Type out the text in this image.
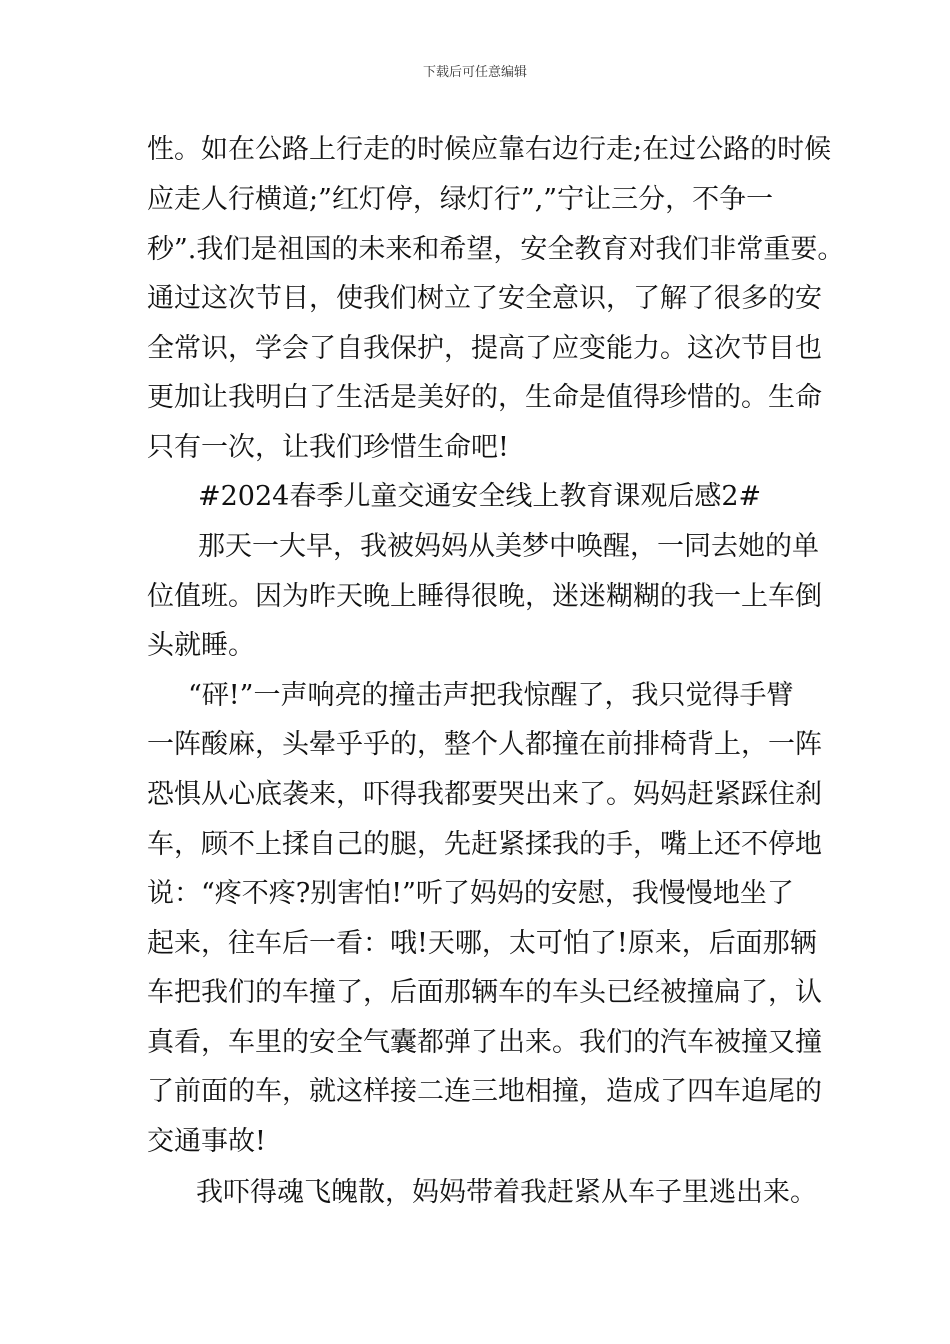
下载后可任意编辑
性。如在公路上行走的时候应靠右边行走;在过公路的时候
应走人行横道;”红灯停，绿灯行”,”宁让三分，不争一
秒”.我们是祖国的未来和希望，安全教育对我们非常重要。
通过这次节目，使我们树立了安全意识，了解了很多的安
全常识，学会了自我保护，提高了应变能力。这次节目也
更加让我明白了生活是美好的，生命是值得珍惜的。生命
只有一次，让我们珍惜生命吧!
#2024春季儿童交通安全线上教育课观后感2#
那天一大早，我被妈妈从美梦中唤醒，一同去她的单
位值班。因为昨天晚上睡得很晚，迷迷糊糊的我一上车倒
头就睡。
“砰!”一声响亮的撞击声把我惊醒了，我只觉得手臂
一阵酸麻，头晕乎乎的，整个人都撞在前排椅背上，一阵
恐惧从心底袭来，吓得我都要哭出来了。妈妈赶紧踩住刹
车，顾不上揉自己的腿，先赶紧揉我的手，嘴上还不停地
说：“疼不疼?别害怕!”听了妈妈的安慰，我慢慢地坐了
起来，往车后一看：哦!天哪，太可怕了!原来，后面那辆
车把我们的车撞了，后面那辆车的车头已经被撞扁了，认
真看，车里的安全气囊都弹了出来。我们的汽车被撞又撞
了前面的车，就这样接二连三地相撞，造成了四车追尾的
交通事故!
我吓得魂飞魄散，妈妈带着我赶紧从车子里逃出来。
